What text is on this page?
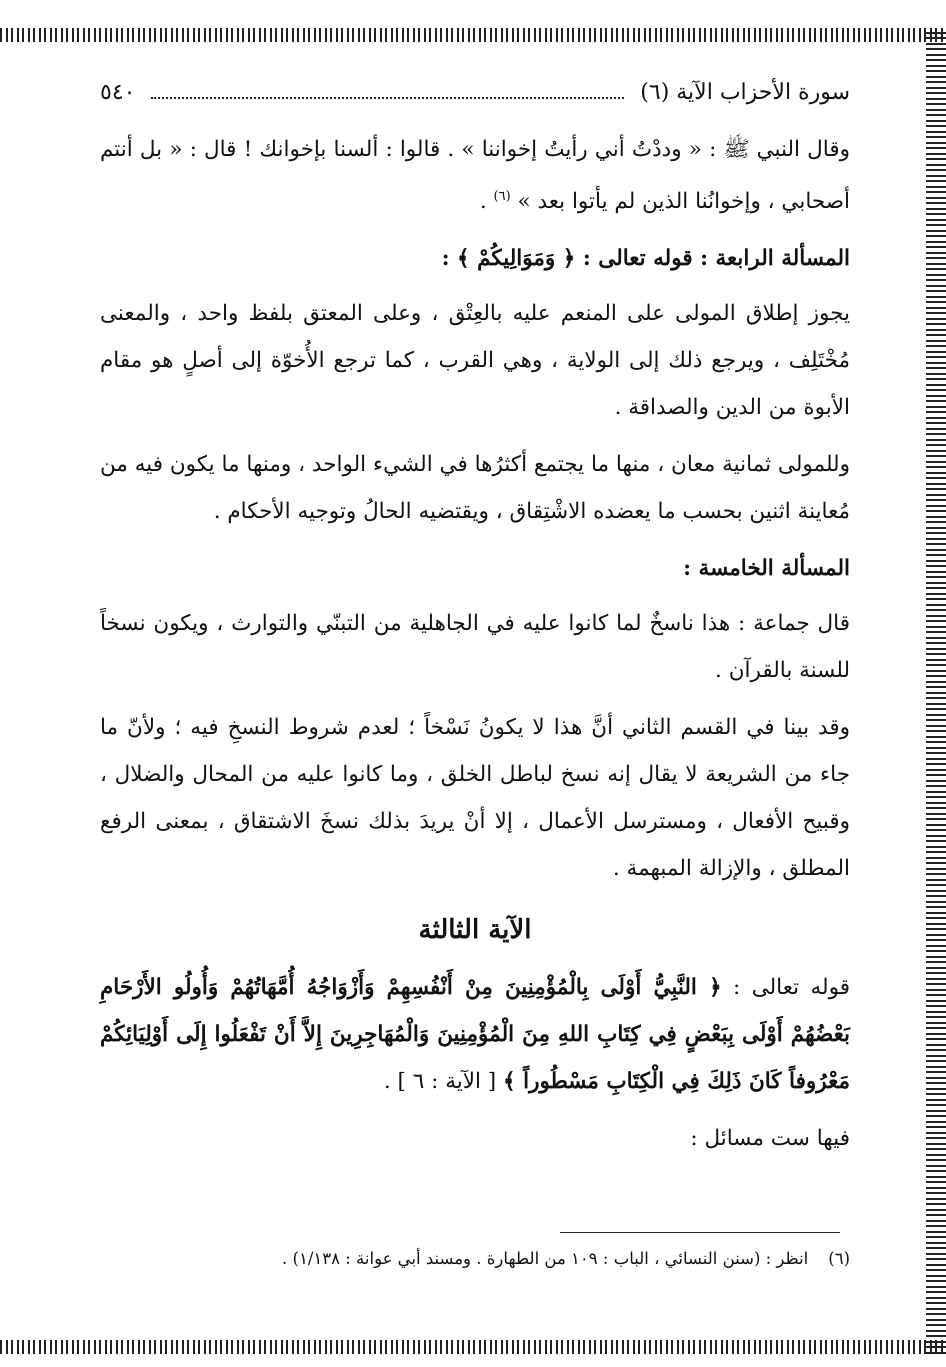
سورة الأحزاب الآية (٦)
٥٤٠

وقال النبي ﷺ : « وددْتُ أني رأيتُ إخواننا » . قالوا : ألسنا بإخوانك ! قال : « بل أنتم أصحابي ، وإخوانُنا الذين لم يأتوا بعد » $^{(٦)}$ .

المسألة الرابعة : قوله تعالى : ﴿ وَمَوَالِيكُمْ ﴾ :

يجوز إطلاق المولى على المنعم عليه بالعِتْق ، وعلى المعتق بلفظ واحد ، والمعنى مُخْتَلِف ، ويرجع ذلك إلى الولاية ، وهي القرب ، كما ترجع الأُخوّة إلى أصلٍ هو مقام الأبوة من الدين والصداقة .

وللمولى ثمانية معان ، منها ما يجتمع أكثرُها في الشيء الواحد ، ومنها ما يكون فيه من مُعاينة اثنين بحسب ما يعضده الاشْتِقاق ، ويقتضيه الحالُ وتوجيه الأحكام .

المسألة الخامسة :

قال جماعة : هذا ناسخٌ لما كانوا عليه في الجاهلية من التبنّي والتوارث ، ويكون نسخاً للسنة بالقرآن .

وقد بينا في القسم الثاني أنَّ هذا لا يكونُ نَسْخاً ؛ لعدم شروط النسخِ فيه ؛ ولأنّ ما جاء من الشريعة لا يقال إنه نسخ لباطل الخلق ، وما كانوا عليه من المحال والضلال ، وقبيح الأفعال ، ومسترسل الأعمال ، إلا أنْ يريدَ بذلك نسخَ الاشتقاق ، بمعنى الرفع المطلق ، والإزالة المبهمة .

الآية الثالثة

قوله تعالى : ﴿ النَّبِيُّ أَوْلَى بِالْمُؤْمِنِينَ مِنْ أَنْفُسِهِمْ وَأَزْوَاجُهُ أُمَّهَاتُهُمْ وَأُولُو الأَرْحَامِ بَعْضُهُمْ أَوْلَى بِبَعْضٍ فِي كِتَابِ اللهِ مِنَ الْمُؤْمِنِينَ وَالْمُهَاجِرِينَ إِلاَّ أَنْ تَفْعَلُوا إِلَى أَوْلِيَائِكُمْ مَعْرُوفاً كَانَ ذَلِكَ فِي الْكِتَابِ مَسْطُوراً ﴾ [ الآية : ٦ ] .

فيها ست مسائل :

(٦)
انظر : (سنن النسائي ، الباب : ١٠٩ من الطهارة . ومسند أبي عوانة : ١/١٣٨) .
